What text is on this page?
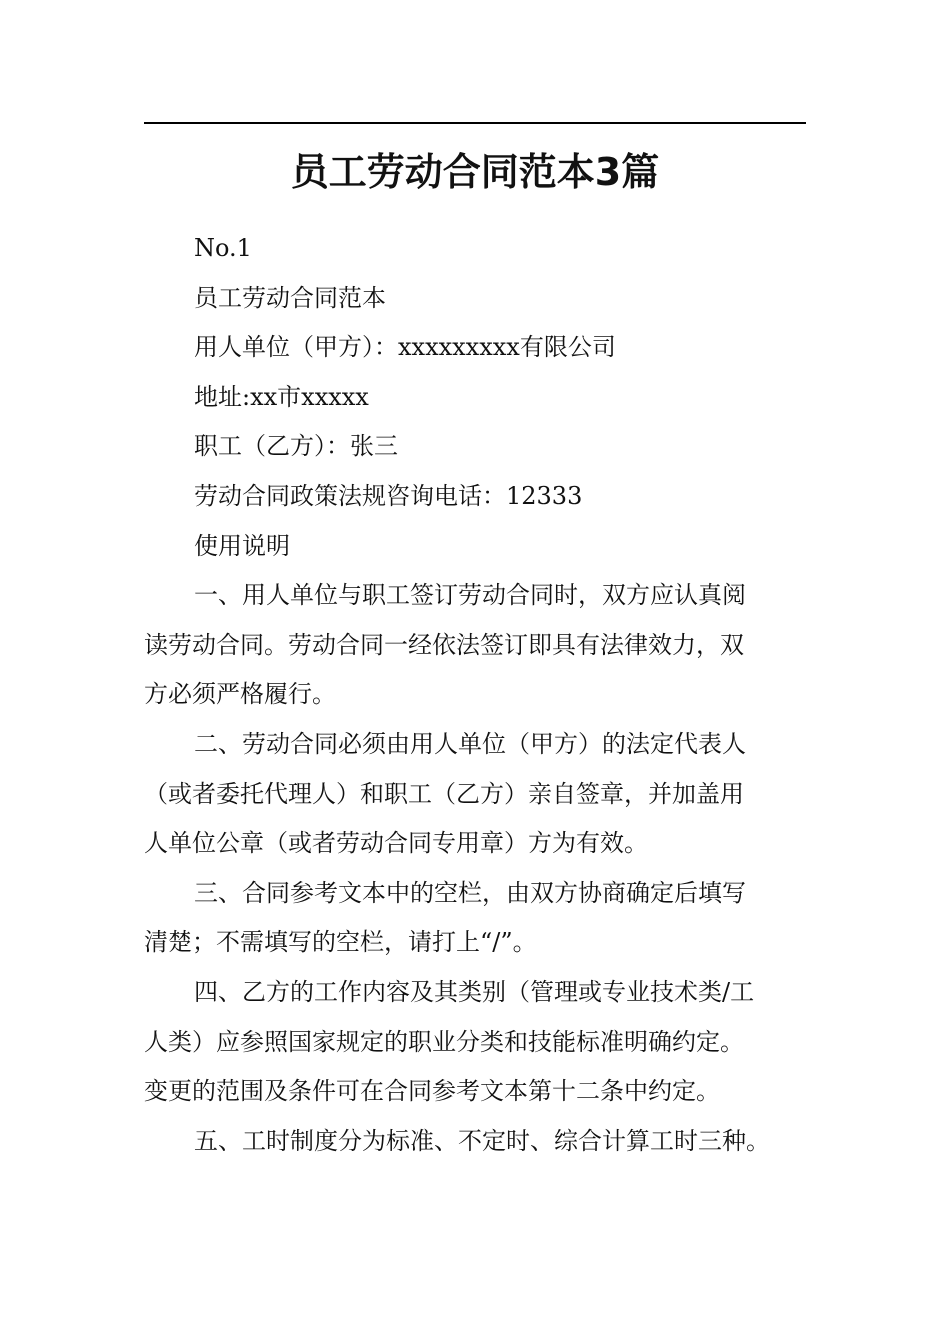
员工劳动合同范本3篇

No.1

员工劳动合同范本

用人单位（甲方）：xxxxxxxxx有限公司

地址:xx市xxxxx

职工（乙方）：张三

劳动合同政策法规咨询电话：12333

使用说明

一、用人单位与职工签订劳动合同时，双方应认真阅
读劳动合同。劳动合同一经依法签订即具有法律效力，双
方必须严格履行。

二、劳动合同必须由用人单位（甲方）的法定代表人
（或者委托代理人）和职工（乙方）亲自签章，并加盖用
人单位公章（或者劳动合同专用章）方为有效。

三、合同参考文本中的空栏，由双方协商确定后填写
清楚；不需填写的空栏，请打上“/”。

四、乙方的工作内容及其类别（管理或专业技术类/工
人类）应参照国家规定的职业分类和技能标准明确约定。
变更的范围及条件可在合同参考文本第十二条中约定。

五、工时制度分为标准、不定时、综合计算工时三种。
